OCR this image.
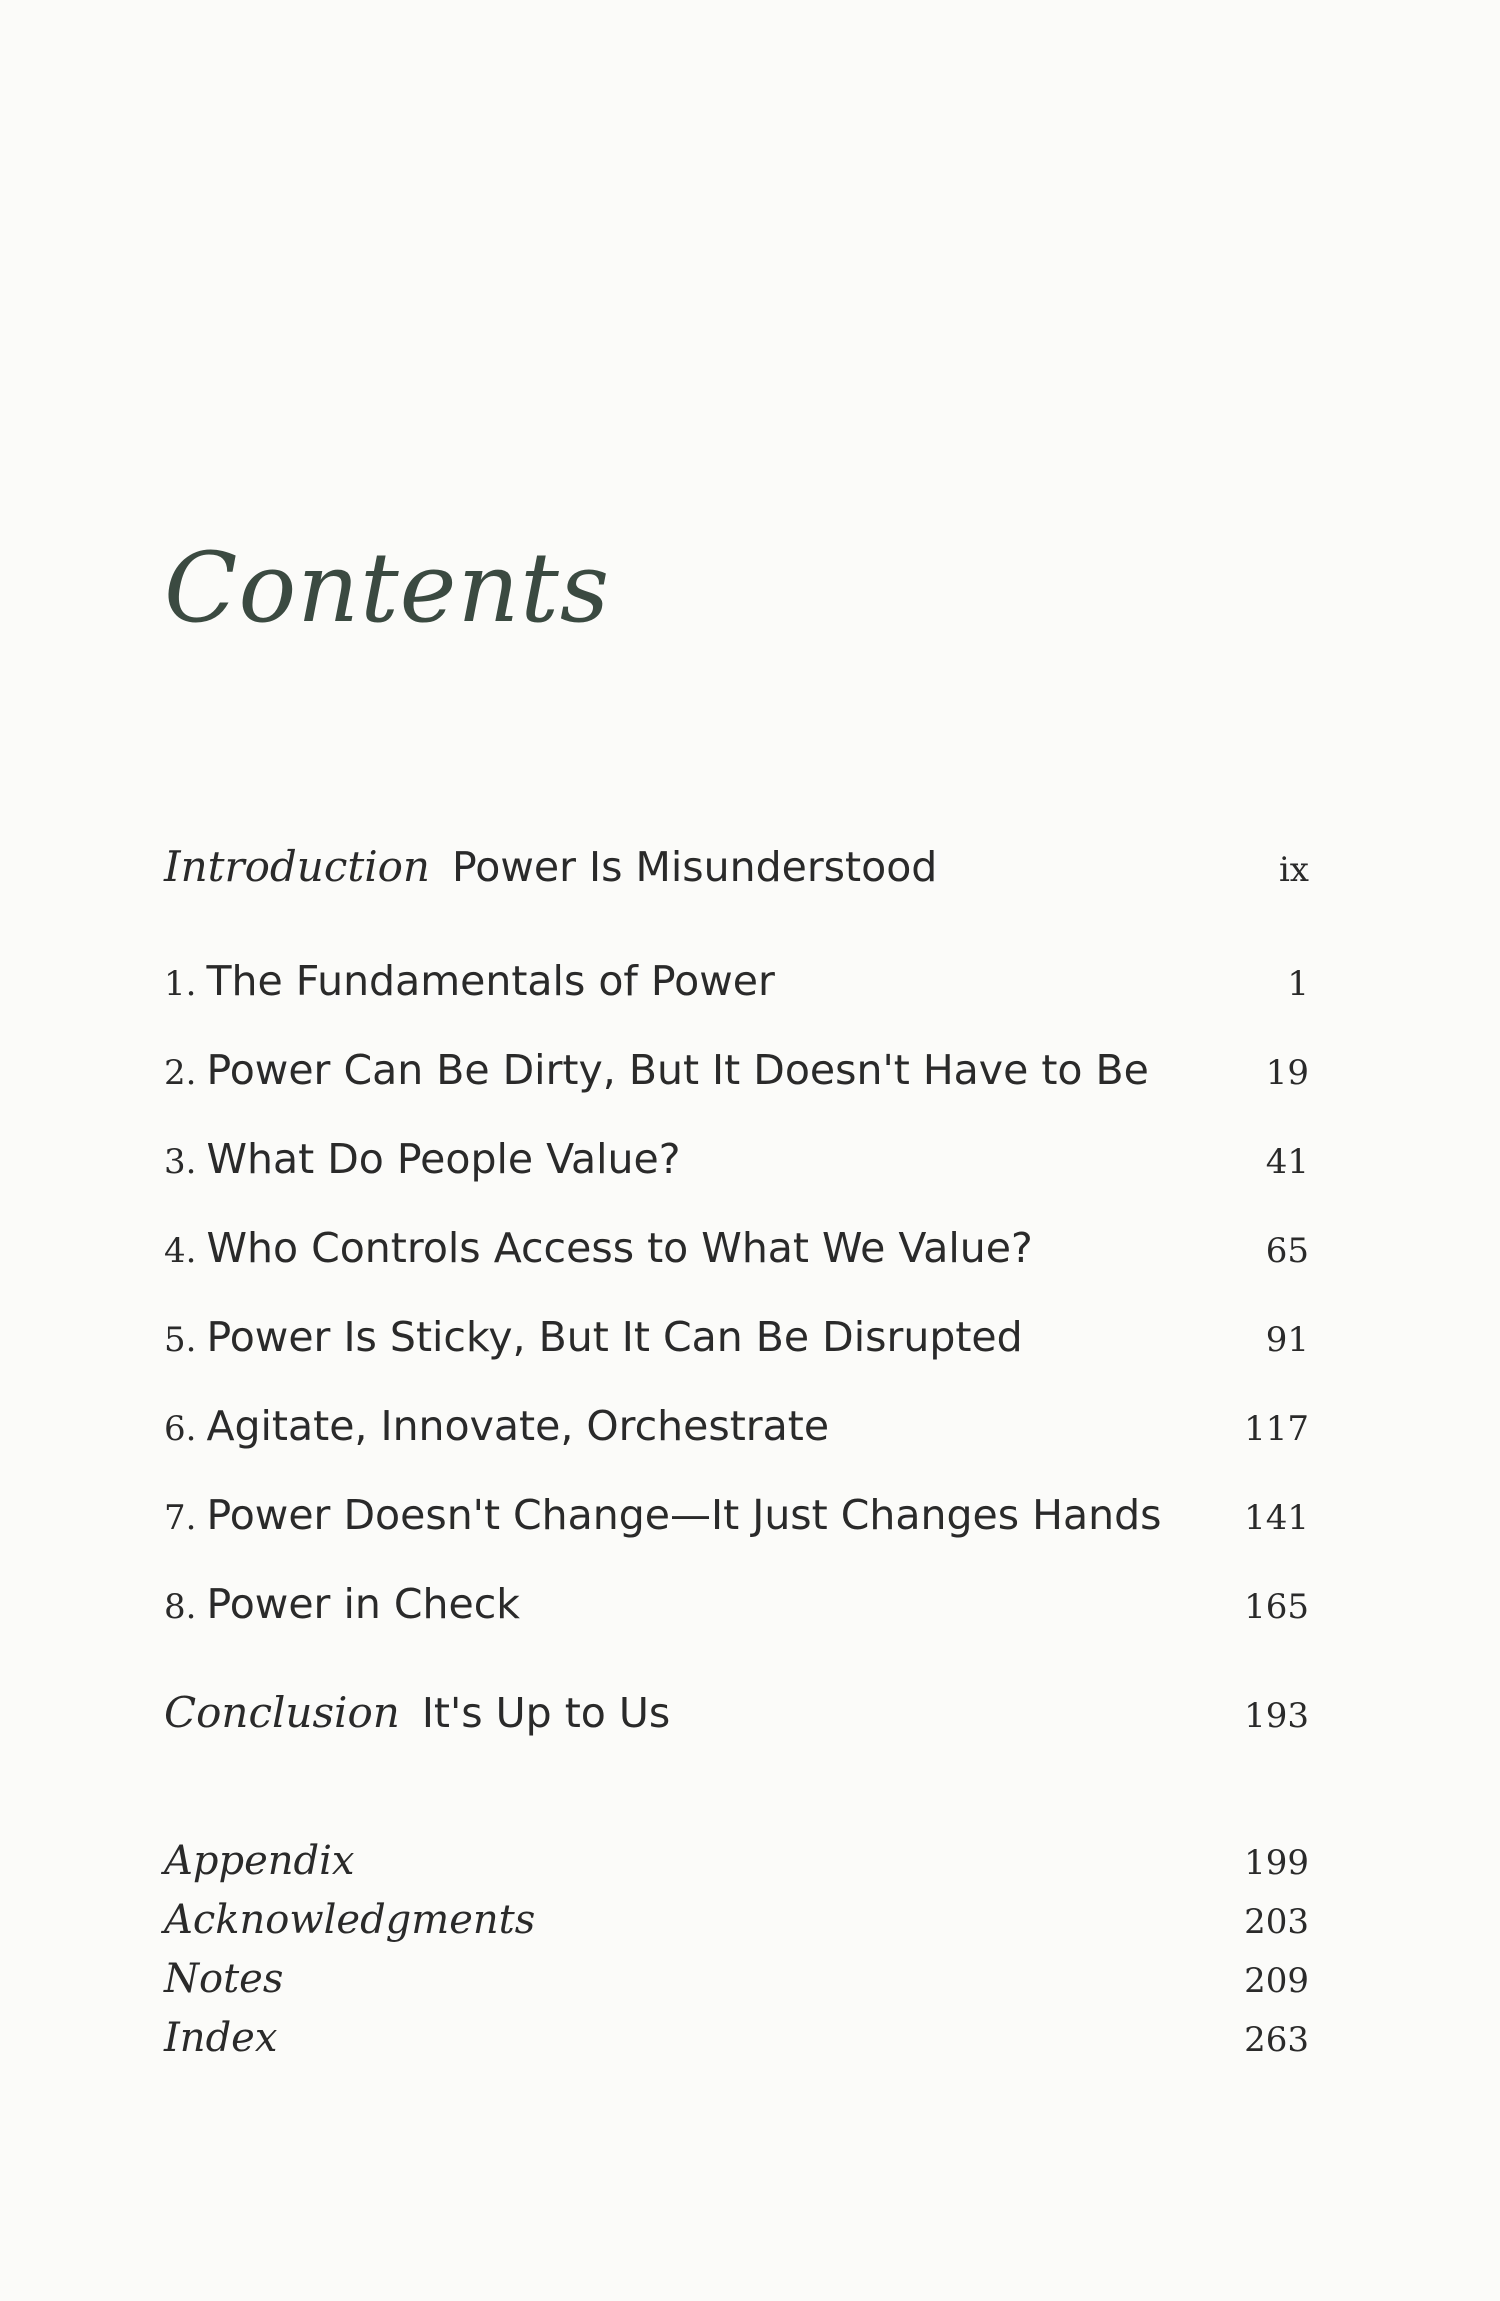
Contents
Introduction Power Is Misunderstood	ix
1. The Fundamentals of Power	1
2. Power Can Be Dirty, But It Doesn't Have to Be	19
3. What Do People Value?	41
4. Who Controls Access to What We Value?	65
5. Power Is Sticky, But It Can Be Disrupted	91
6. Agitate, Innovate, Orchestrate	117
7. Power Doesn't Change—It Just Changes Hands 141
8. Power in Check	165
Conclusion It's Up to Us	193
Appendix	199
Acknowledgments	203
Notes	209
Index	263
